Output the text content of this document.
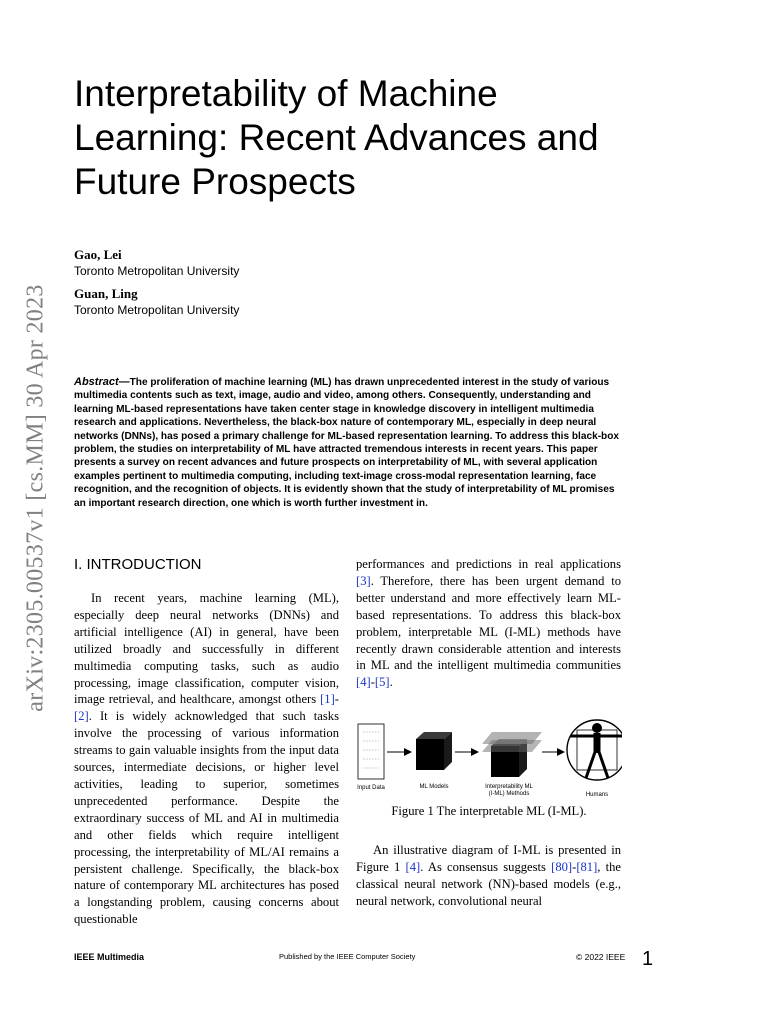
arXiv:2305.00537v1 [cs.MM] 30 Apr 2023
Interpretability of Machine Learning: Recent Advances and Future Prospects
Gao, Lei
Toronto Metropolitan University
Guan, Ling
Toronto Metropolitan University

Abstract—The proliferation of machine learning (ML) has drawn unprecedented interest in the study of various multimedia contents such as text, image, audio and video, among others. Consequently, understanding and learning ML-based representations have taken center stage in knowledge discovery in intelligent multimedia research and applications. Nevertheless, the black-box nature of contemporary ML, especially in deep neural networks (DNNs), has posed a primary challenge for ML-based representation learning. To address this black-box problem, the studies on interpretability of ML have attracted tremendous interests in recent years. This paper presents a survey on recent advances and future prospects on interpretability of ML, with several application examples pertinent to multimedia computing, including text-image cross-modal representation learning, face recognition, and the recognition of objects. It is evidently shown that the study of interpretability of ML promises an important research direction, one which is worth further investment in.

I. INTRODUCTION

In recent years, machine learning (ML), especially deep neural networks (DNNs) and artificial intelligence (AI) in general, have been utilized broadly and successfully in different multimedia computing tasks, such as audio processing, image classification, computer vision, image retrieval, and healthcare, amongst others [1]-[2]. It is widely acknowledged that such tasks involve the processing of various information streams to gain valuable insights from the input data sources, intermediate decisions, or higher level activities, leading to superior, sometimes unprecedented performance. Despite the extraordinary success of ML and AI in multimedia and other fields which require intelligent processing, the interpretability of ML/AI remains a persistent challenge. Specifically, the black-box nature of contemporary ML architectures has posed a longstanding problem, causing concerns about questionable

performances and predictions in real applications [3]. Therefore, there has been urgent demand to better understand and more effectively learn ML-based representations. To address this black-box problem, interpretable ML (I-ML) methods have recently drawn considerable attention and interests in ML and the intelligent multimedia communities [4]-[5].

Input Data	ML Models	Interpretability ML
(I-ML) Methods	Humans
Figure 1 The interpretable ML (I-ML).

An illustrative diagram of I-ML is presented in Figure 1 [4]. As consensus suggests [80]-[81], the classical neural network (NN)-based models (e.g., neural network, convolutional neural

IEEE Multimedia	Published by the IEEE Computer Society	© 2022 IEEE 1
